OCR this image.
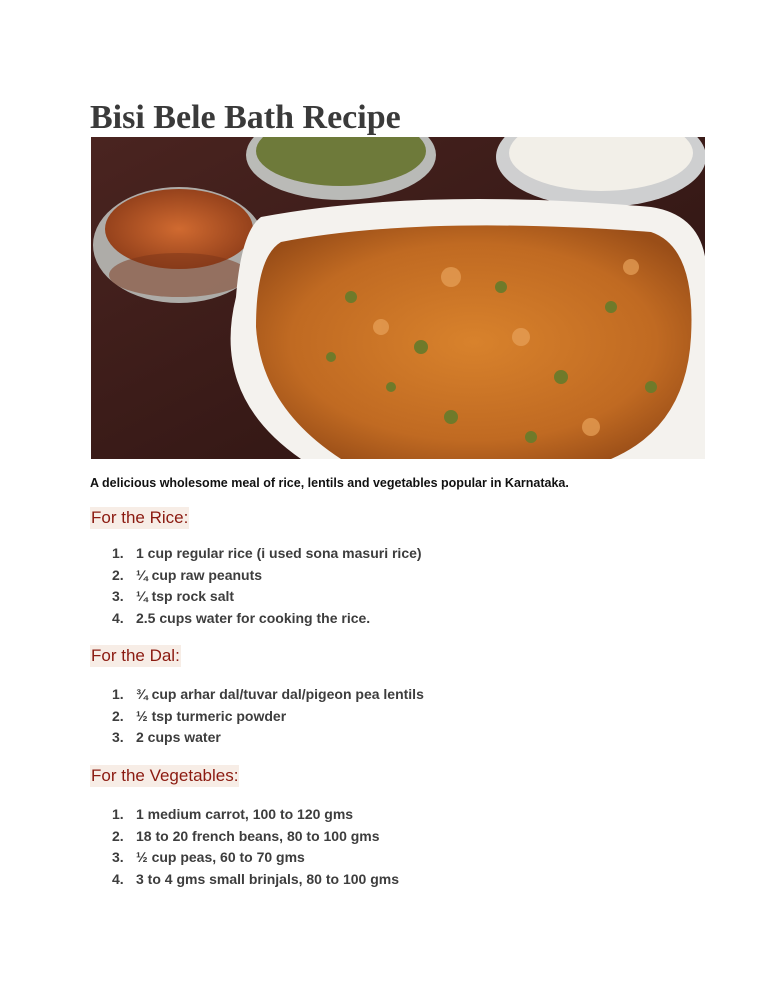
Bisi Bele Bath Recipe

A delicious wholesome meal of rice, lentils and vegetables popular in Karnataka.

For the Rice:
1. 1 cup regular rice (i used sona masuri rice)
2. ¼ cup raw peanuts
3. ¼ tsp rock salt
4. 2.5 cups water for cooking the rice.
For the Dal:
1. ¾ cup arhar dal/tuvar dal/pigeon pea lentils
2. ½ tsp turmeric powder
3. 2 cups water
For the Vegetables:
1. 1 medium carrot, 100 to 120 gms
2. 18 to 20 french beans, 80 to 100 gms
3. ½ cup peas, 60 to 70 gms
4. 3 to 4 gms small brinjals, 80 to 100 gms
